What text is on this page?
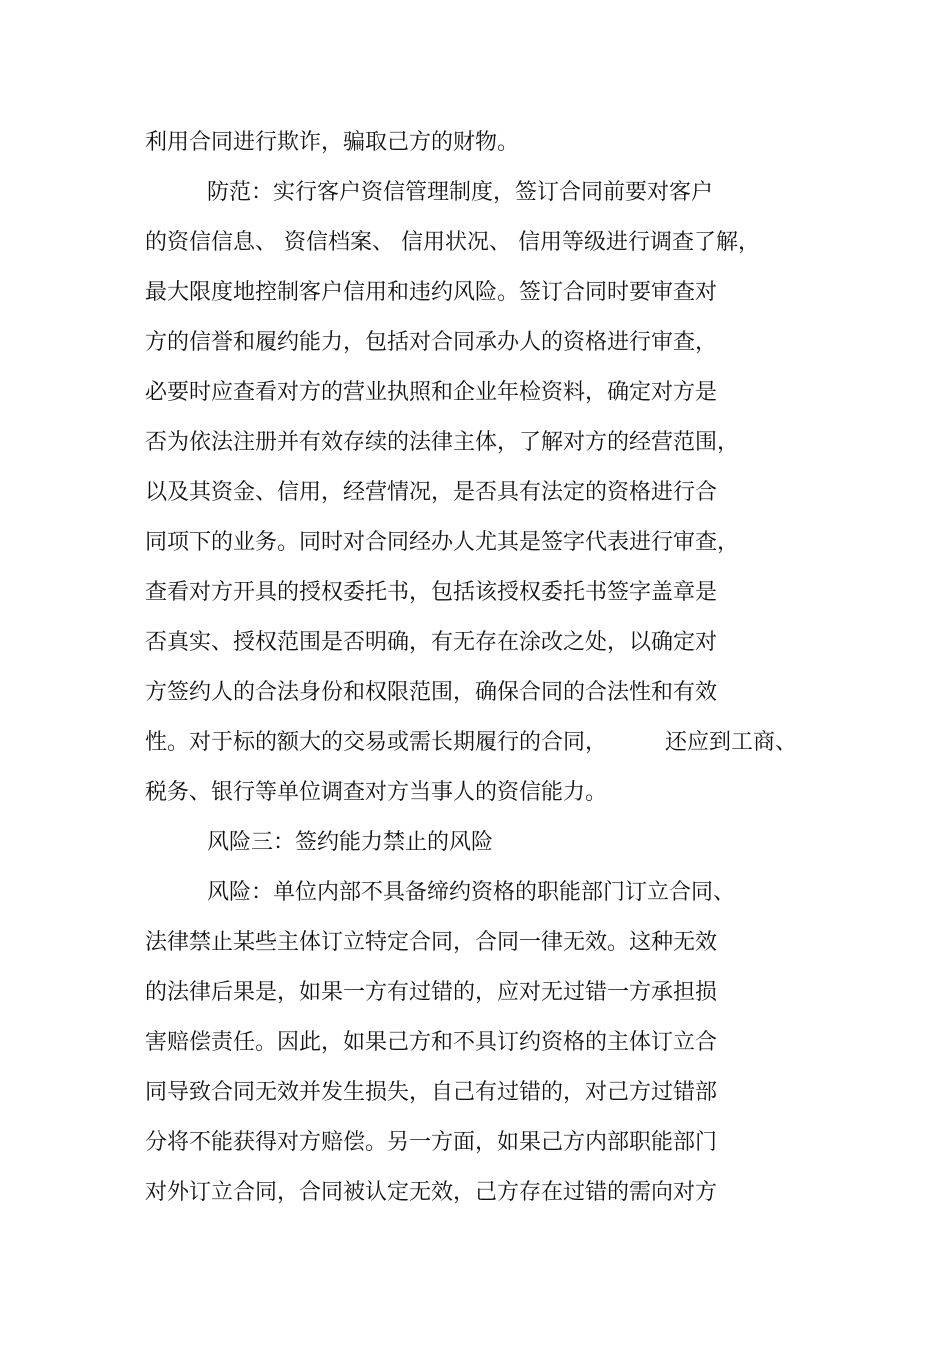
利用合同进行欺诈，骗取己方的财物。
防范：实行客户资信管理制度，签订合同前要对客户
的资信信息、 资信档案、 信用状况、 信用等级进行调查了解，
最大限度地控制客户信用和违约风险。签订合同时要审查对
方的信誉和履约能力，包括对合同承办人的资格进行审查，
必要时应查看对方的营业执照和企业年检资料，确定对方是
否为依法注册并有效存续的法律主体，了解对方的经营范围，
以及其资金、信用，经营情况，是否具有法定的资格进行合
同项下的业务。同时对合同经办人尤其是签字代表进行审查，
查看对方开具的授权委托书，包括该授权委托书签字盖章是
否真实、授权范围是否明确，有无存在涂改之处，以确定对
方签约人的合法身份和权限范围，确保合同的合法性和有效
性。对于标的额大的交易或需长期履行的合同，	还应到工商、
税务、银行等单位调查对方当事人的资信能力。
风险三：签约能力禁止的风险
风险：单位内部不具备缔约资格的职能部门订立合同、
法律禁止某些主体订立特定合同，合同一律无效。这种无效
的法律后果是，如果一方有过错的，应对无过错一方承担损
害赔偿责任。因此，如果己方和不具订约资格的主体订立合
同导致合同无效并发生损失，自己有过错的，对己方过错部
分将不能获得对方赔偿。另一方面，如果己方内部职能部门
对外订立合同，合同被认定无效，己方存在过错的需向对方
